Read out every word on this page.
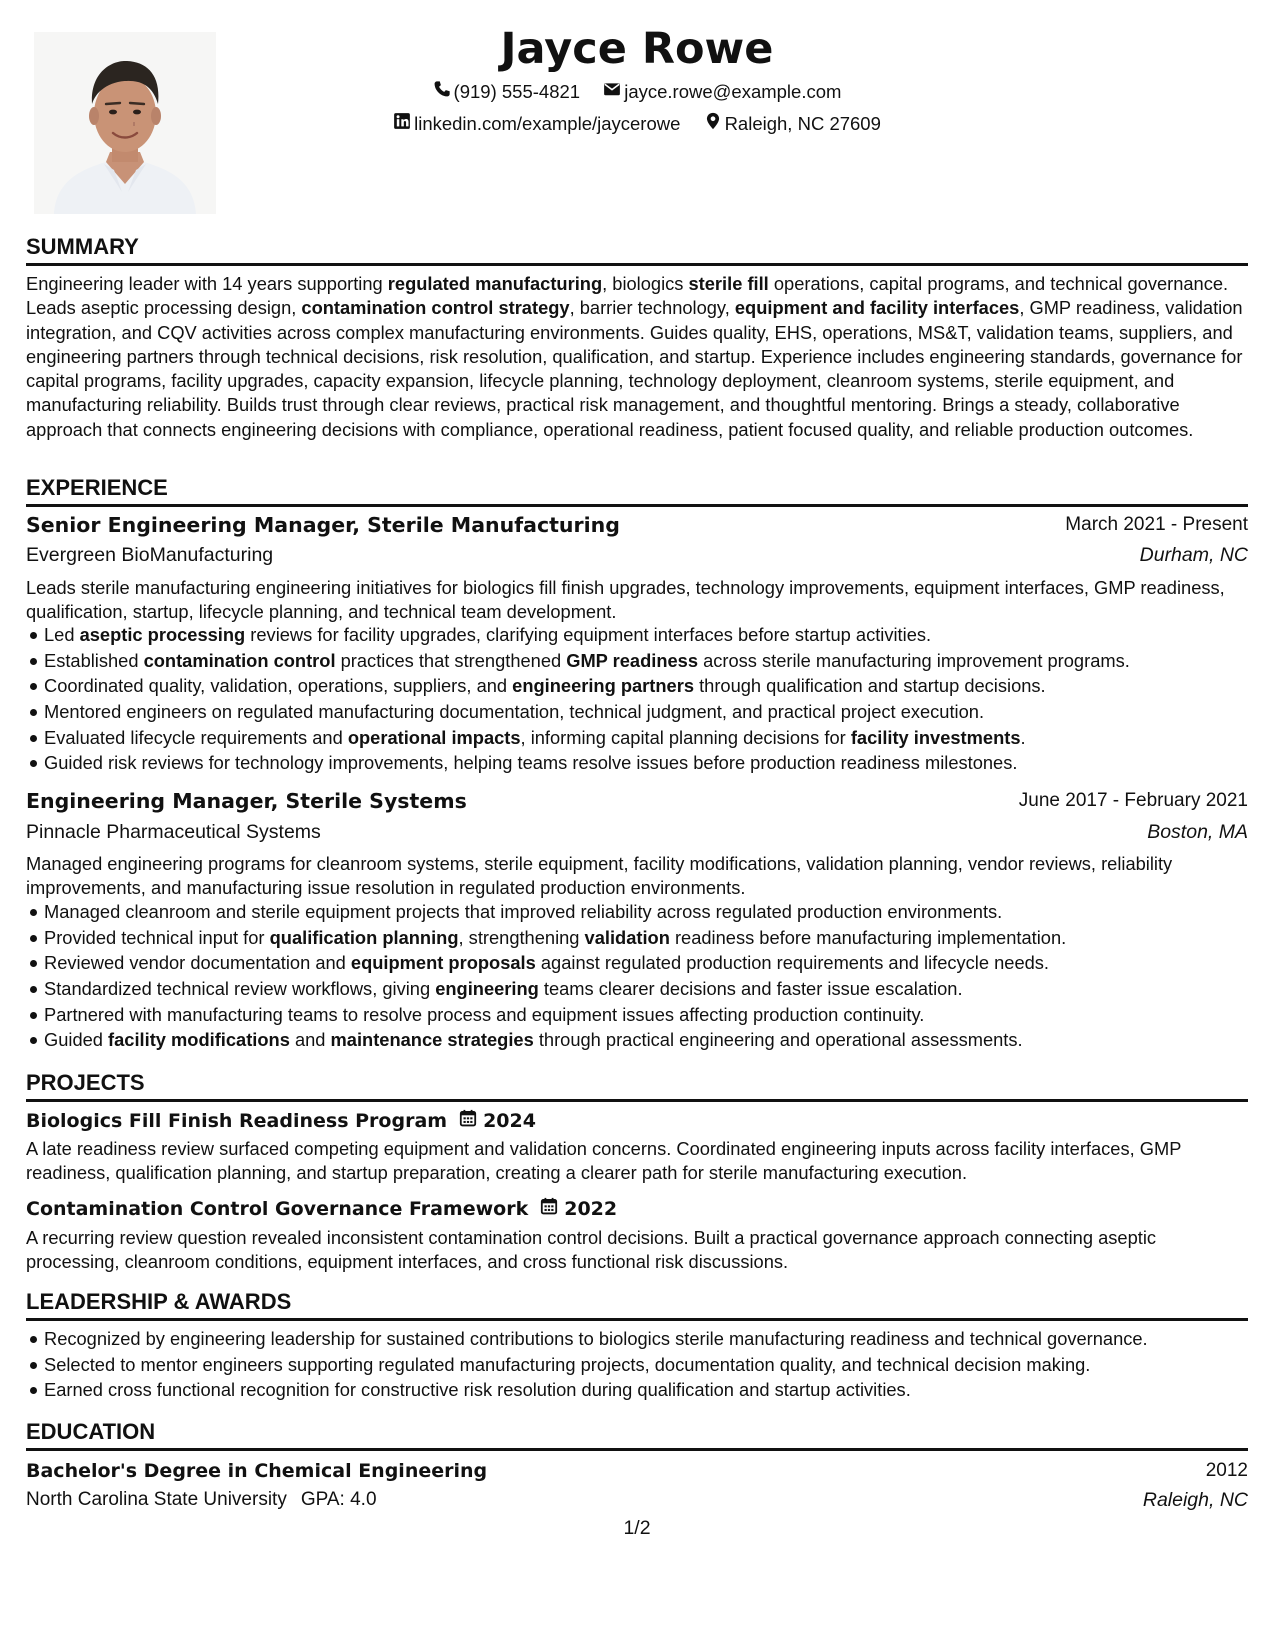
Jayce Rowe
(919) 555-4821
jayce.rowe@example.com
linkedin.com/example/jaycerowe
Raleigh, NC 27609
SUMMARY
Engineering leader with 14 years supporting regulated manufacturing, biologics sterile fill operations, capital programs, and technical governance. Leads aseptic processing design, contamination control strategy, barrier technology, equipment and facility interfaces, GMP readiness, validation integration, and CQV activities across complex manufacturing environments. Guides quality, EHS, operations, MS&T, validation teams, suppliers, and engineering partners through technical decisions, risk resolution, qualification, and startup. Experience includes engineering standards, governance for capital programs, facility upgrades, capacity expansion, lifecycle planning, technology deployment, cleanroom systems, sterile equipment, and manufacturing reliability. Builds trust through clear reviews, practical risk management, and thoughtful mentoring. Brings a steady, collaborative approach that connects engineering decisions with compliance, operational readiness, patient focused quality, and reliable production outcomes.
EXPERIENCE
Senior Engineering Manager, Sterile Manufacturing	March 2021 - Present
Evergreen BioManufacturing	Durham, NC
Leads sterile manufacturing engineering initiatives for biologics fill finish upgrades, technology improvements, equipment interfaces, GMP readiness, qualification, startup, lifecycle planning, and technical team development.
Led aseptic processing reviews for facility upgrades, clarifying equipment interfaces before startup activities.
Established contamination control practices that strengthened GMP readiness across sterile manufacturing improvement programs.
Coordinated quality, validation, operations, suppliers, and engineering partners through qualification and startup decisions.
Mentored engineers on regulated manufacturing documentation, technical judgment, and practical project execution.
Evaluated lifecycle requirements and operational impacts, informing capital planning decisions for facility investments.
Guided risk reviews for technology improvements, helping teams resolve issues before production readiness milestones.
Engineering Manager, Sterile Systems	June 2017 - February 2021
Pinnacle Pharmaceutical Systems	Boston, MA
Managed engineering programs for cleanroom systems, sterile equipment, facility modifications, validation planning, vendor reviews, reliability improvements, and manufacturing issue resolution in regulated production environments.
Managed cleanroom and sterile equipment projects that improved reliability across regulated production environments.
Provided technical input for qualification planning, strengthening validation readiness before manufacturing implementation.
Reviewed vendor documentation and equipment proposals against regulated production requirements and lifecycle needs.
Standardized technical review workflows, giving engineering teams clearer decisions and faster issue escalation.
Partnered with manufacturing teams to resolve process and equipment issues affecting production continuity.
Guided facility modifications and maintenance strategies through practical engineering and operational assessments.
PROJECTS
Biologics Fill Finish Readiness Program 2024
A late readiness review surfaced competing equipment and validation concerns. Coordinated engineering inputs across facility interfaces, GMP readiness, qualification planning, and startup preparation, creating a clearer path for sterile manufacturing execution.
Contamination Control Governance Framework 2022
A recurring review question revealed inconsistent contamination control decisions. Built a practical governance approach connecting aseptic processing, cleanroom conditions, equipment interfaces, and cross functional risk discussions.
LEADERSHIP & AWARDS
Recognized by engineering leadership for sustained contributions to biologics sterile manufacturing readiness and technical governance.
Selected to mentor engineers supporting regulated manufacturing projects, documentation quality, and technical decision making.
Earned cross functional recognition for constructive risk resolution during qualification and startup activities.
EDUCATION
Bachelor's Degree in Chemical Engineering	2012
North Carolina State University GPA: 4.0	Raleigh, NC
1/2
